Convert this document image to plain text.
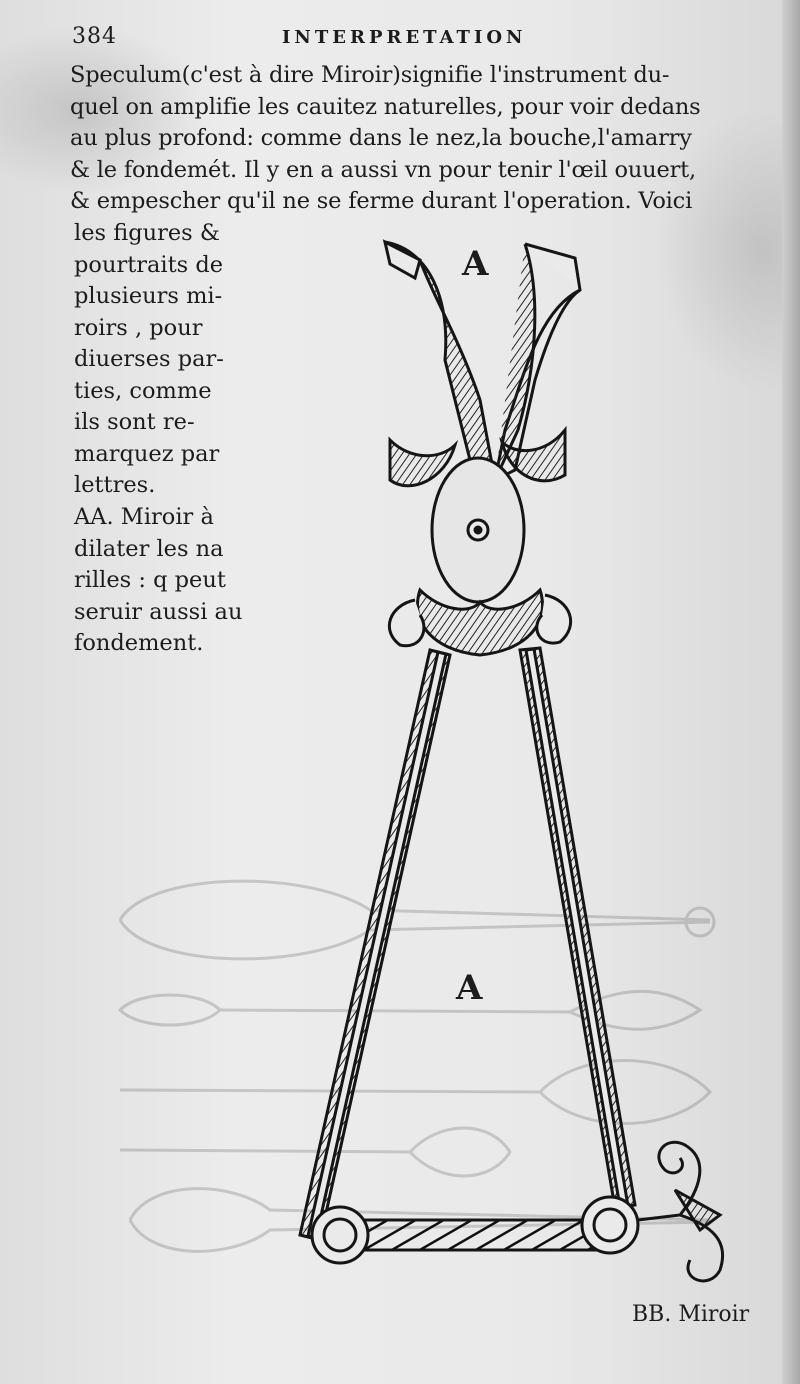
384	INTERPRETATION
Speculum(c'est à dire Miroir)signifie l'instrument du-
quel on amplifie les cauitez naturelles, pour voir dedans
au plus profond: comme dans le nez,la bouche,l'amarry
& le fondemét. Il y en a aussi vn pour tenir l'œil ouuert,
& empescher qu'il ne se ferme durant l'operation. Voici
les figures &
pourtraits de
plusieurs mi-
roirs , pour
diuerses par-
ties, comme
ils sont re-
marquez par
lettres.
AA. Miroir à
dilater les na
rilles : q peut
seruir aussi au
fondement.
A
A
BB. Miroir
